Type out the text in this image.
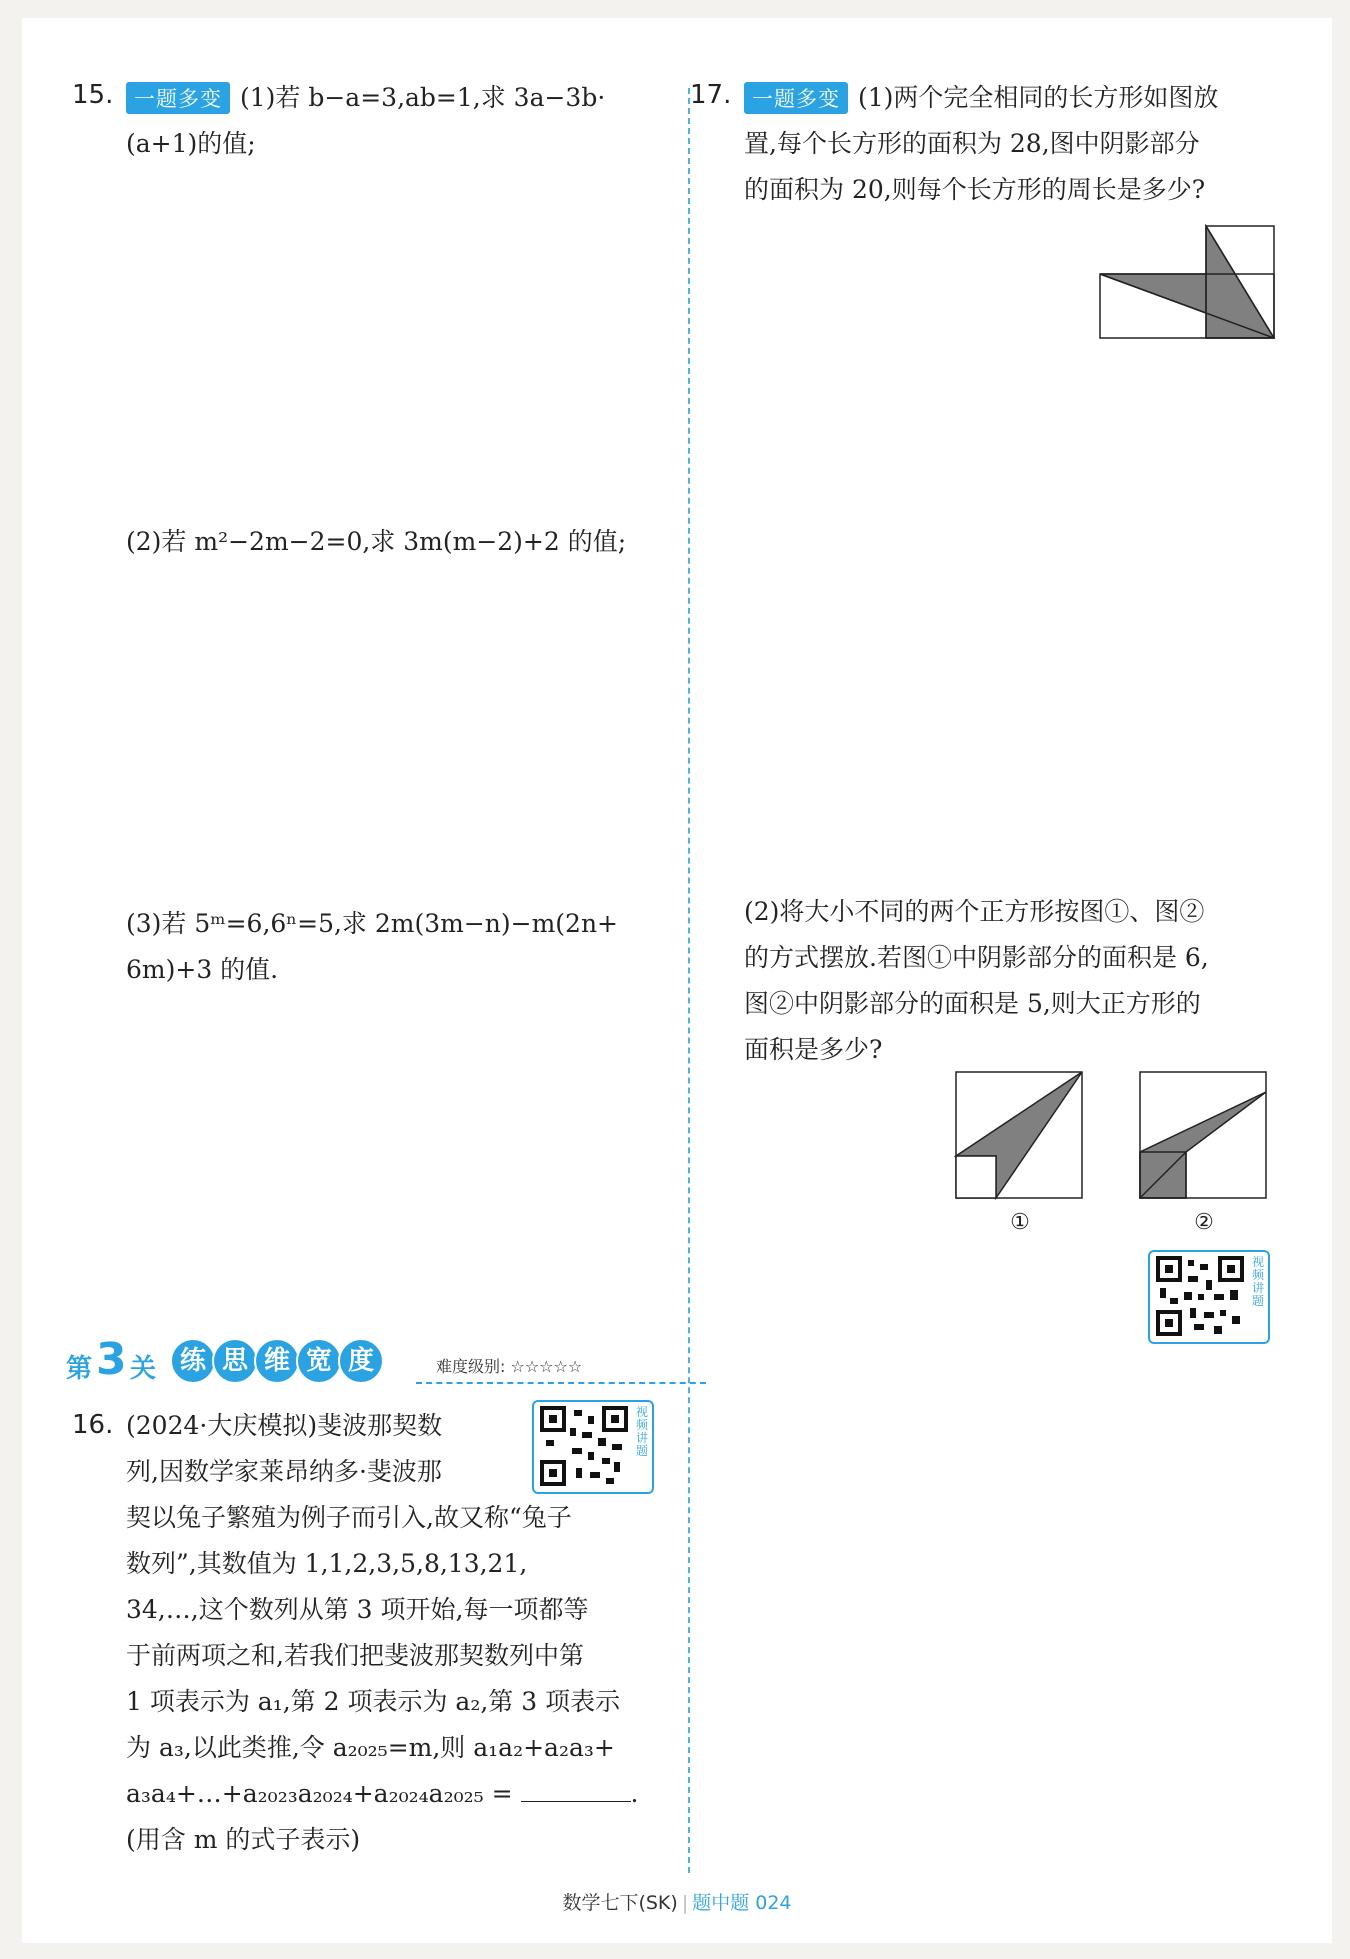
15. 一题多变 (1)若 b−a=3,ab=1,求 3a−3b·
(a+1)的值;
(2)若 m²−2m−2=0,求 3m(m−2)+2 的值;
(3)若 5ᵐ=6,6ⁿ=5,求 2m(3m−n)−m(2n+
6m)+3 的值.
17. 一题多变 (1)两个完全相同的长方形如图放
置,每个长方形的面积为 28,图中阴影部分
的面积为 20,则每个长方形的周长是多少?
(2)将大小不同的两个正方形按图①、图②
的方式摆放.若图①中阴影部分的面积是 6,
图②中阴影部分的面积是 5,则大正方形的
面积是多少?
①	②
视频讲题
第 3 关 练 思 维 宽 度	难度级别: ☆☆☆☆☆
16. (2024·大庆模拟)斐波那契数
列,因数学家莱昂纳多·斐波那
契以兔子繁殖为例子而引入,故又称“兔子
数列”,其数值为 1,1,2,3,5,8,13,21,
34,…,这个数列从第 3 项开始,每一项都等
于前两项之和,若我们把斐波那契数列中第
1 项表示为 a₁,第 2 项表示为 a₂,第 3 项表示
为 a₃,以此类推,令 a₂₀₂₅=m,则 a₁a₂+a₂a₃+
a₃a₄+…+a₂₀₂₃a₂₀₂₄+a₂₀₂₄a₂₀₂₅ =	.
(用含 m 的式子表示)
视频讲题
数学七下(SK) | 题中题 024
